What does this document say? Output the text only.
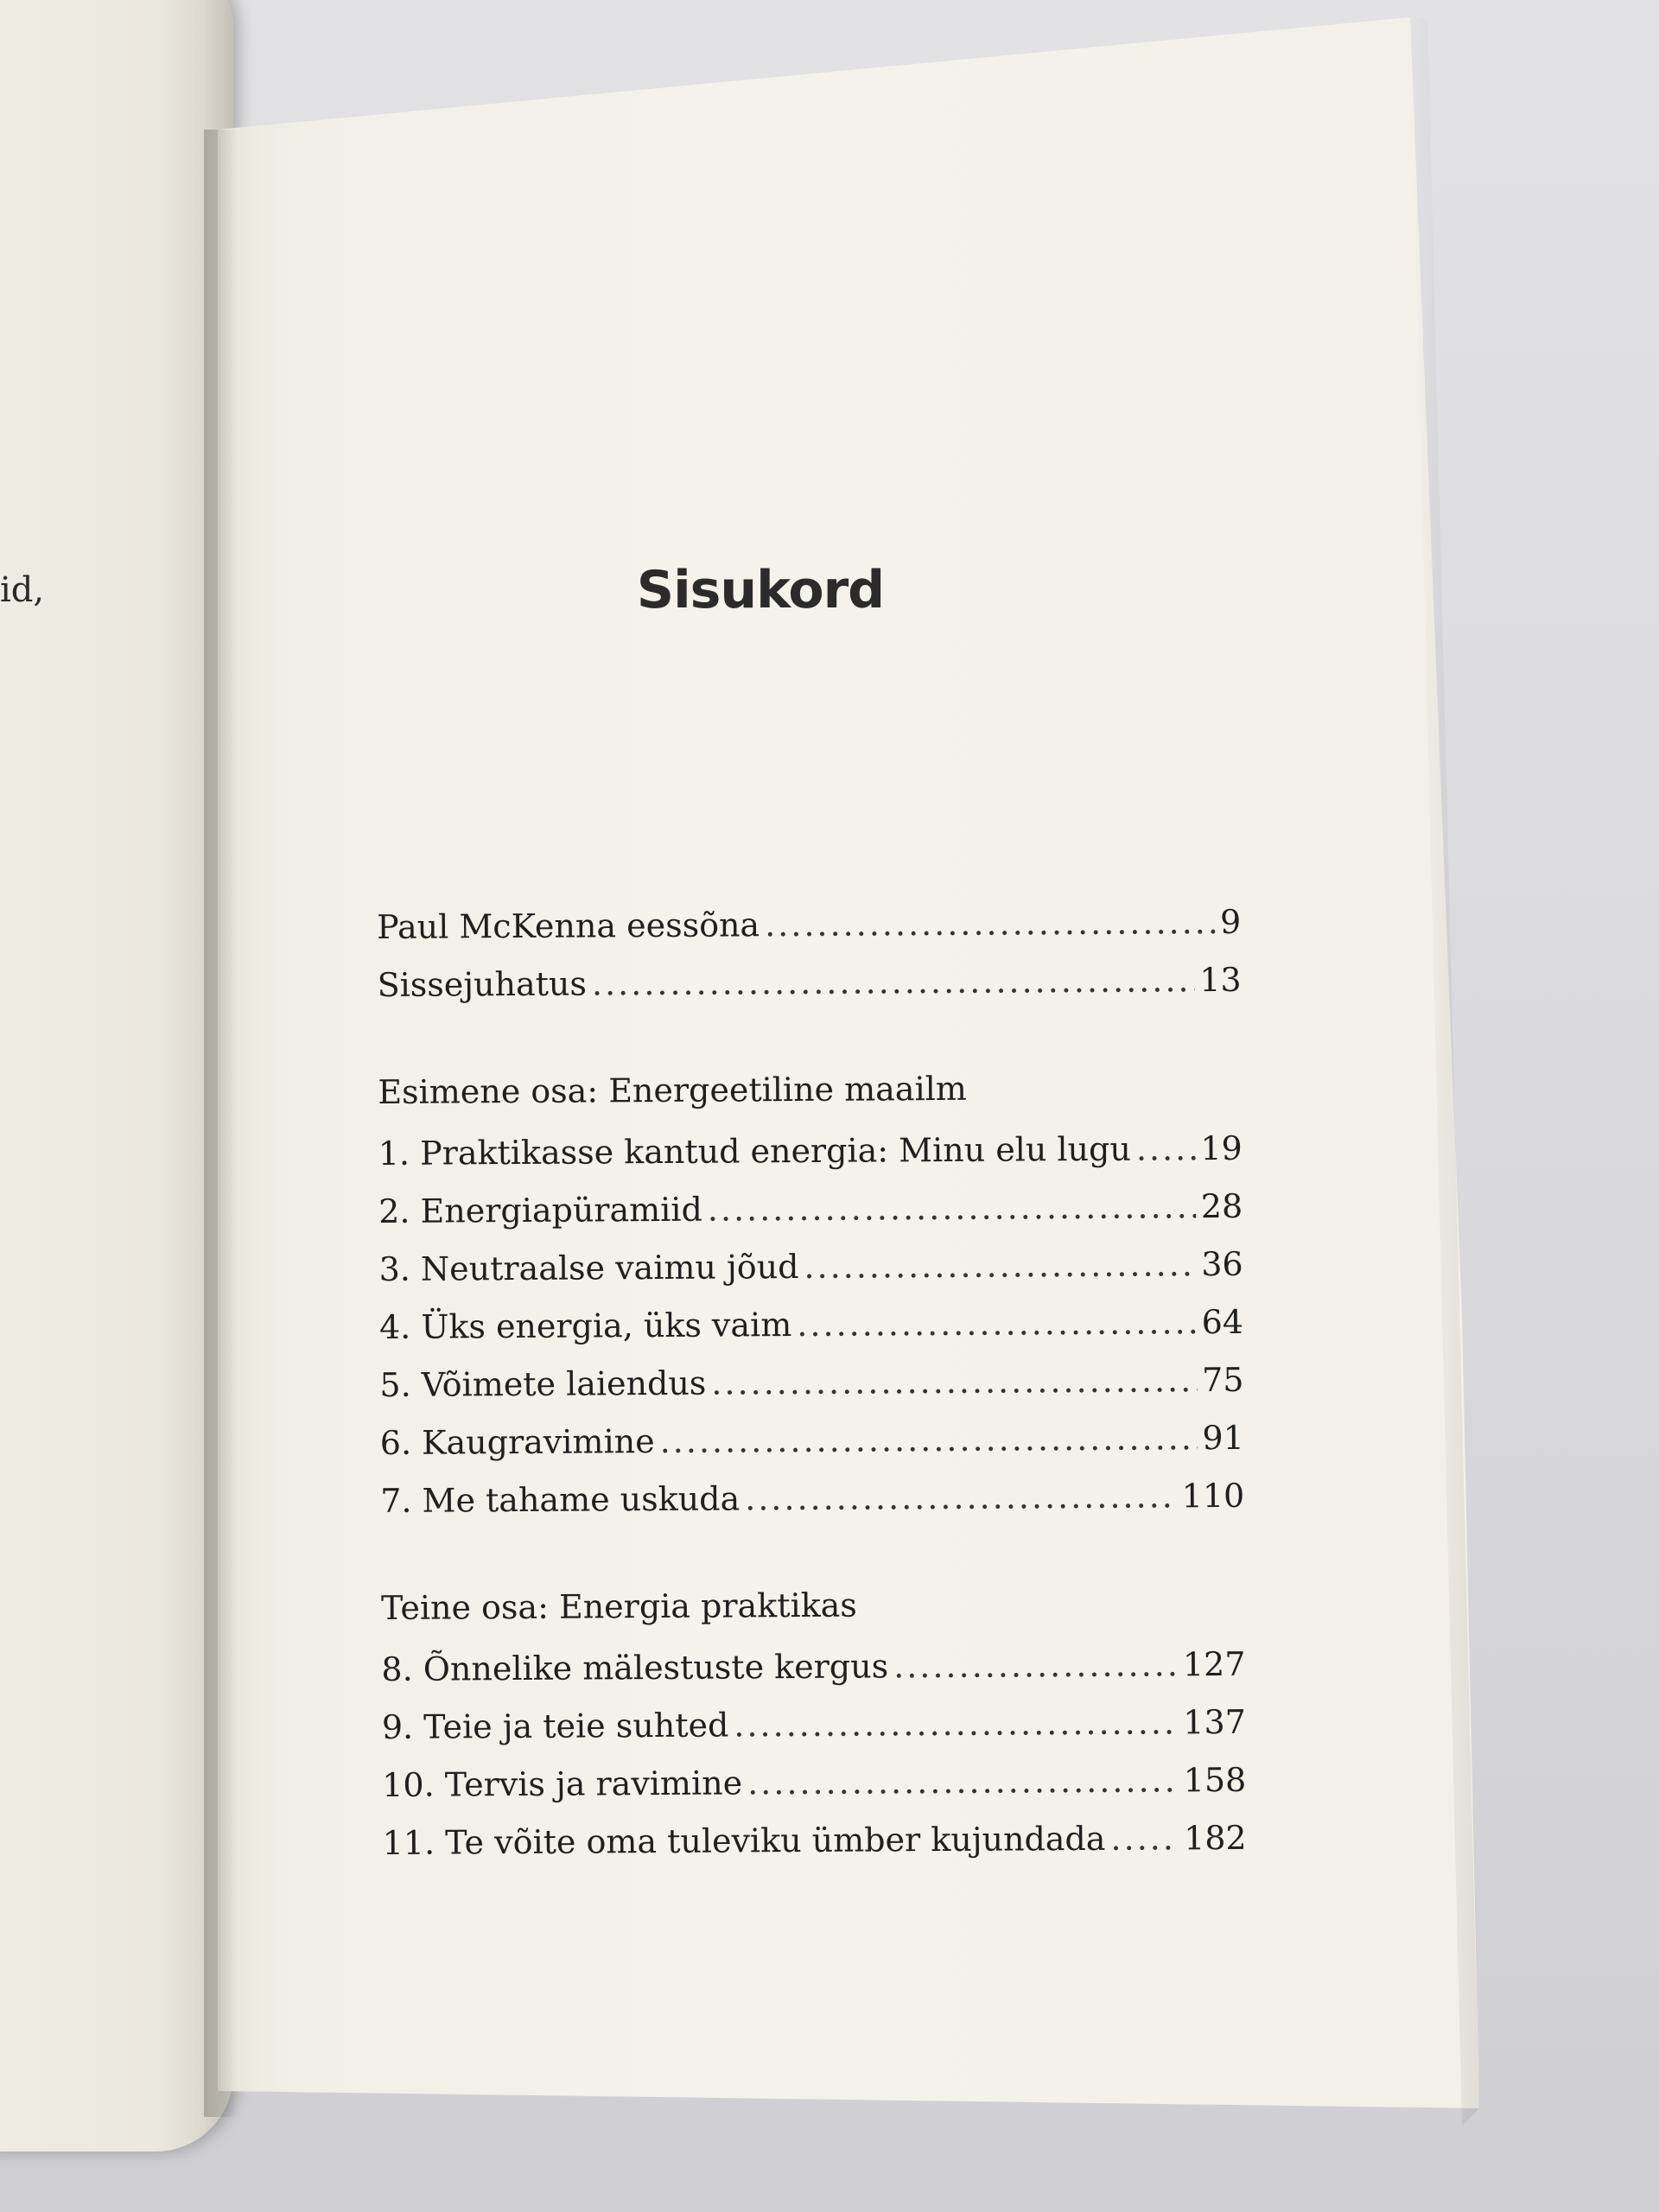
id,	Sisukord
Paul McKenna eessõna .....	9
Sissejuhatus .....	13
Esimene osa: Energeetiline maailm
1. Praktikasse kantud energia: Minu elu lugu ..... 19
2. Energiapüramiid .....	28
3. Neutraalse vaimu jõud .....	36
4. Üks energia, üks vaim .....	64
5. Võimete laiendus .....	75
6. Kaugravimine .....	91
7. Me tahame uskuda .....	110
Teine osa: Energia praktikas
8. Õnnelike mälestuste kergus .....	127
9. Teie ja teie suhted .....	137
10. Tervis ja ravimine .....	158
11. Te võite oma tuleviku ümber kujundada ..... 182
